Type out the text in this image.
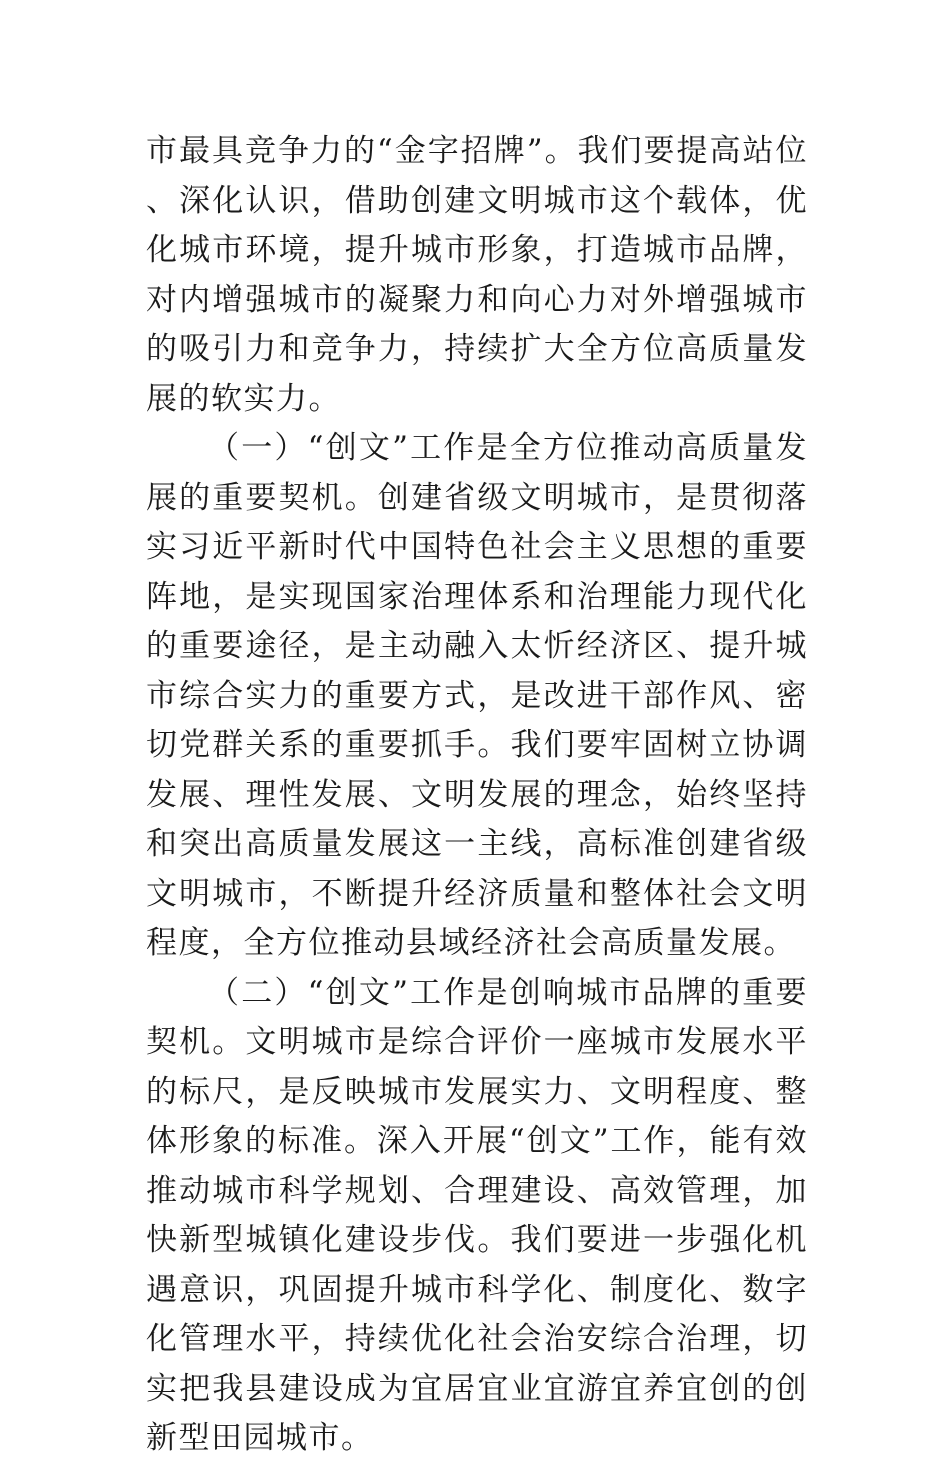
市最具竞争力的“金字招牌”。我们要提高站位、深化认识，借助创建文明城市这个载体，优化城市环境，提升城市形象，打造城市品牌，对内增强城市的凝聚力和向心力对外增强城市的吸引力和竞争力，持续扩大全方位高质量发展的软实力。

（一）“创文”工作是全方位推动高质量发展的重要契机。创建省级文明城市，是贯彻落实习近平新时代中国特色社会主义思想的重要阵地，是实现国家治理体系和治理能力现代化的重要途径，是主动融入太忻经济区、提升城市综合实力的重要方式，是改进干部作风、密切党群关系的重要抓手。我们要牢固树立协调发展、理性发展、文明发展的理念，始终坚持和突出高质量发展这一主线，高标准创建省级文明城市，不断提升经济质量和整体社会文明程度，全方位推动县域经济社会高质量发展。

（二）“创文”工作是创响城市品牌的重要契机。文明城市是综合评价一座城市发展水平的标尺，是反映城市发展实力、文明程度、整体形象的标准。深入开展“创文”工作，能有效推动城市科学规划、合理建设、高效管理，加快新型城镇化建设步伐。我们要进一步强化机遇意识，巩固提升城市科学化、制度化、数字化管理水平，持续优化社会治安综合治理，切实把我县建设成为宜居宜业宜游宜养宜创的创新型田园城市。
